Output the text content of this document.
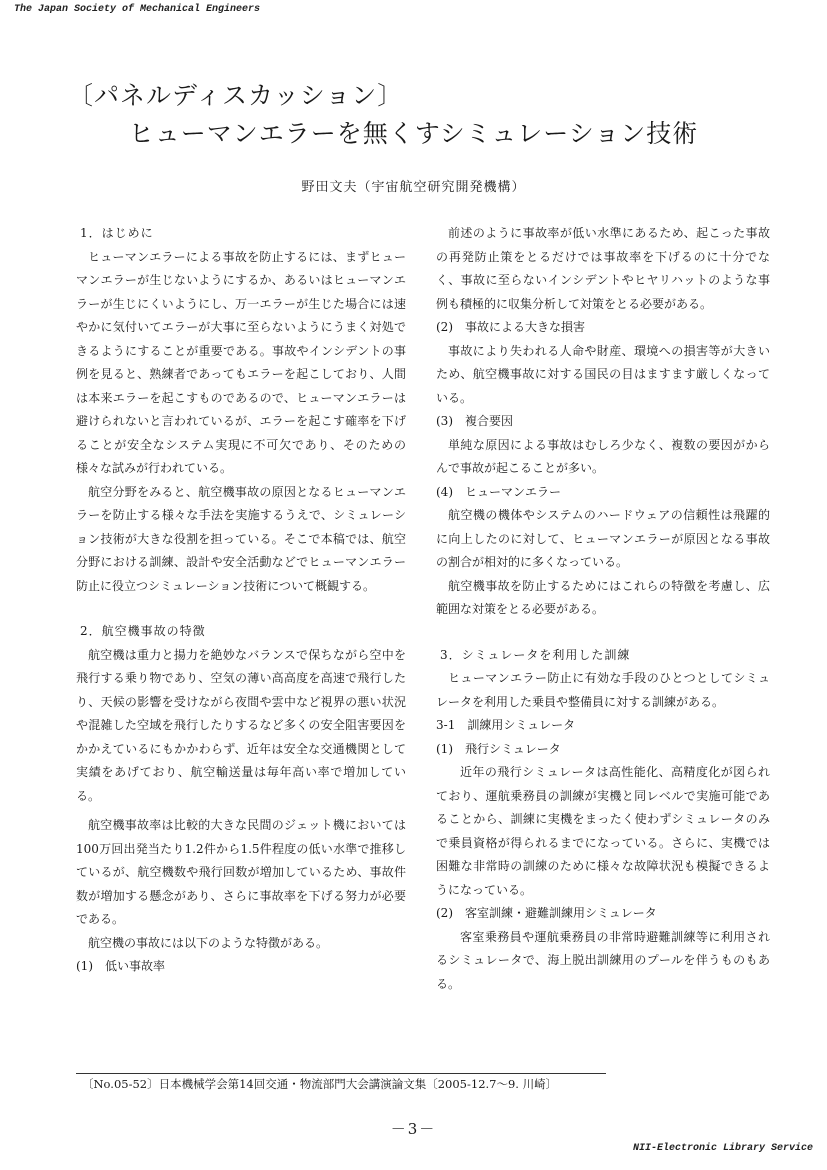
The Japan Society of Mechanical Engineers
〔パネルディスカッション〕
ヒューマンエラーを無くすシミュレーション技術
野田文夫（宇宙航空研究開発機構）
1．はじめに
ヒューマンエラーによる事故を防止するには、まずヒューマンエラーが生じないようにするか、あるいはヒューマンエラーが生じにくいようにし、万一エラーが生じた場合には速やかに気付いてエラーが大事に至らないようにうまく対処できるようにすることが重要である。事故やインシデントの事例を見ると、熟練者であってもエラーを起こしており、人間は本来エラーを起こすものであるので、ヒューマンエラーは避けられないと言われているが、エラーを起こす確率を下げることが安全なシステム実現に不可欠であり、そのための様々な試みが行われている。
航空分野をみると、航空機事故の原因となるヒューマンエラーを防止する様々な手法を実施するうえで、シミュレーション技術が大きな役割を担っている。そこで本稿では、航空分野における訓練、設計や安全活動などでヒューマンエラー防止に役立つシミュレーション技術について概観する。
2．航空機事故の特徴
航空機は重力と揚力を絶妙なバランスで保ちながら空中を飛行する乗り物であり、空気の薄い高高度を高速で飛行したり、天候の影響を受けながら夜間や雲中など視界の悪い状況や混雑した空域を飛行したりするなど多くの安全阻害要因をかかえているにもかかわらず、近年は安全な交通機関として実績をあげており、航空輸送量は毎年高い率で増加している。
航空機事故率は比較的大きな民間のジェット機においては100万回出発当たり1.2件から1.5件程度の低い水準で推移しているが、航空機数や飛行回数が増加しているため、事故件数が増加する懸念があり、さらに事故率を下げる努力が必要である。
航空機の事故には以下のような特徴がある。
(1)　低い事故率
前述のように事故率が低い水準にあるため、起こった事故の再発防止策をとるだけでは事故率を下げるのに十分でなく、事故に至らないインシデントやヒヤリハットのような事例も積極的に収集分析して対策をとる必要がある。
(2)　事故による大きな損害
事故により失われる人命や財産、環境への損害等が大きいため、航空機事故に対する国民の目はますます厳しくなっている。
(3)　複合要因
単純な原因による事故はむしろ少なく、複数の要因がからんで事故が起こることが多い。
(4)　ヒューマンエラー
航空機の機体やシステムのハードウェアの信頼性は飛躍的に向上したのに対して、ヒューマンエラーが原因となる事故の割合が相対的に多くなっている。
航空機事故を防止するためにはこれらの特徴を考慮し、広範囲な対策をとる必要がある。
3．シミュレータを利用した訓練
ヒューマンエラー防止に有効な手段のひとつとしてシミュレータを利用した乗員や整備員に対する訓練がある。
3-1　訓練用シミュレータ
(1)　飛行シミュレータ
近年の飛行シミュレータは高性能化、高精度化が図られており、運航乗務員の訓練が実機と同レベルで実施可能であることから、訓練に実機をまったく使わずシミュレータのみで乗員資格が得られるまでになっている。さらに、実機では困難な非常時の訓練のために様々な故障状況も模擬できるようになっている。
(2)　客室訓練・避難訓練用シミュレータ
客室乗務員や運航乗務員の非常時避難訓練等に利用されるシミュレータで、海上脱出訓練用のプールを伴うものもある。
〔No.05-52〕日本機械学会第14回交通・物流部門大会講演論文集〔2005-12.7～9. 川崎〕
－3－
NII-Electronic Library Service
